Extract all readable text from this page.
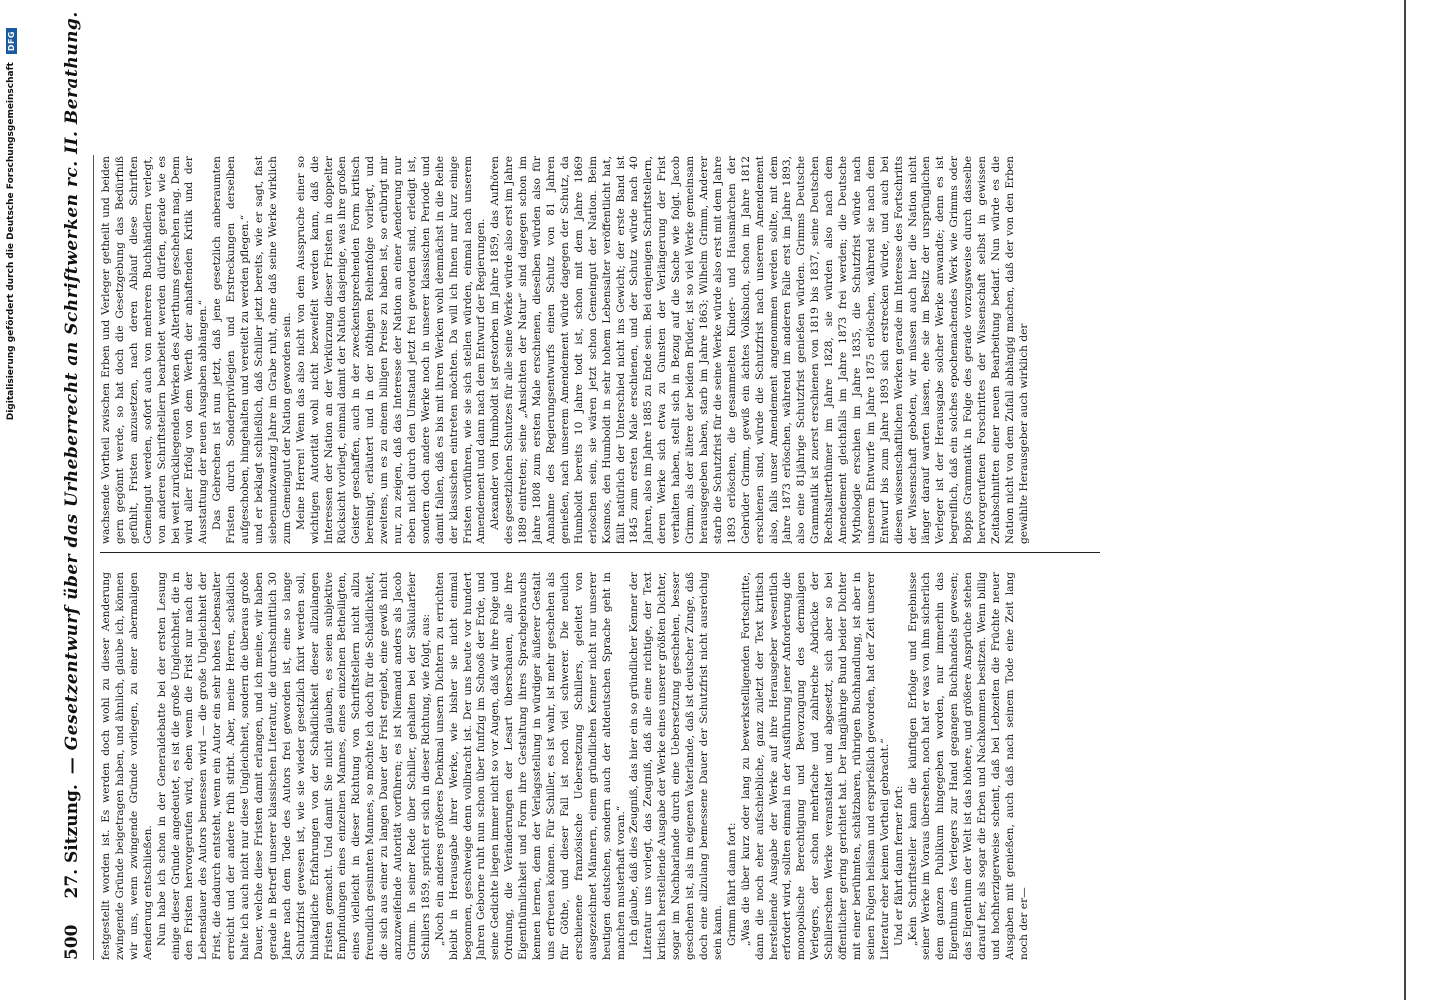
Digitalisierung gefördert durch die Deutsche Forschungsgemeinschaft
DFG
500
27. Sitzung.
— Gesetzentwurf über das Urheberrecht an Schriftwerken rc. II. Berathung. festgestellt worden ist. Es werden doch wohl zu dieser Aenderung zwingende Gründe beigetragen haben, und ähnlich, glaube ich, können wir uns, wenn zwingende Gründe vorliegen, zu einer abermaligen Aenderung entschließen. Nun habe ich schon in der Generaldebatte bei der ersten Lesung einige dieser Gründe angedeutet, es ist die große Ungleichheit, die in den Fristen hervorgerufen wird, eben wenn die Frist nur nach der Lebensdauer des Autors bemessen wird — die große Ungleichheit der Frist, die dadurch entsteht, wenn ein Autor ein sehr hohes Lebensalter erreicht und der andere früh stirbt. Aber, meine Herren, schädlich halte ich auch nicht nur diese Ungleichheit, sondern die überaus große Dauer, welche diese Fristen damit erlangen, und ich meine, wir haben gerade in Betreff unserer klassischen Literatur, die durchschnittlich 30 Jahre nach dem Tode des Autors frei geworden ist, eine so lange Schutzfrist gewesen ist, wie sie wieder gesetzlich fixirt werden soll, hinlängliche Erfahrungen von der Schädlichkeit dieser allzulangen Fristen gemacht. Und damit Sie nicht glauben, es seien subjektive Empfindungen eines einzelnen Mannes, eines einzelnen Betheiligten, eines vielleicht in dieser Richtung von Schriftstellern nicht allzu freundlich gesinnten Mannes, so möchte ich doch für die Schädlichkeit, die sich aus einer zu langen Dauer der Frist ergiebt, eine gewiß nicht anzuzweifelnde Autorität vorführen; es ist Niemand anders als Jacob Grimm. In seiner Rede über Schiller, gehalten bei der Säkularfeier Schillers 1859, spricht er sich in dieser Richtung, wie folgt, aus: „Noch ein anderes größeres Denkmal unsern Dichtern zu errichten bleibt in Herausgabe ihrer Werke, wie bisher sie nicht einmal begonnen, geschweige denn vollbracht ist. Der uns heute vor hundert Jahren Geborne ruht nun schon über funfzig im Schooß der Erde, und seine Gedichte liegen immer nicht so vor Augen, daß wir ihre Folge und Ordnung, die Veränderungen der Lesart überschauen, alle ihre Eigenthümlichkeit und Form ihre Gestaltung ihres Sprachgebrauchs kennen lernen, denn der Verlagsstellung in würdiger äußerer Gestalt uns erfreuen können. Für Schiller, es ist wahr, ist mehr geschehen als für Göthe, und dieser Fall ist noch viel schwerer. Die neulich erschienene französische Uebersetzung Schillers, geleitet von ausgezeichnet Männern, einem gründlichen Kenner nicht nur unserer heutigen deutschen, sondern auch der altdeutschen Sprache geht in manchen musterhaft voran.“ Ich glaube, daß dies Zeugniß, das hier ein so gründlicher Kenner der Literatur uns vorlegt, das Zeugniß, daß alle eine richtige, der Text kritisch herstellende Ausgabe der Werke eines unserer größten Dichter, sogar im Nachbarlande durch eine Uebersetzung geschehen, besser geschehen ist, als im eigenen Vaterlande, daß ist deutscher Zunge, daß doch eine allzulang bemessene Dauer der Schutzfrist nicht ausreichig sein kann. Grimm fährt dann fort: „Was die über kurz oder lang zu bewerkstelligenden Fortschritte, dann die noch eher aufschiebliche, ganz zuletzt der Text kritisch herstellende Ausgabe der Werke auf ihre Herausgeber wesentlich erfordert wird, sollten einmal in der Ausführung jener Anforderung die monopolische Berechtigung und Bevorzugung des dermaligen Verlegers, der schon mehrfache und zahlreiche Abdrücke der Schillerschen Werke veranstaltet und abgesetzt, sich aber so bei öffentlicher gering gerichtet hat. Der langjährige Bund beider Dichter mit einer berühmten, schätzbaren, rührigen Buchhandlung, ist aber in seinen Folgen heilsam und ersprießlich geworden, hat der Zeit unserer Literatur eher keinen Vortheil gebracht.“ Und er fährt dann ferner fort: „Kein Schriftsteller kann die künftigen Erfolge und Ergebnisse seiner Werke im Voraus übersehen, noch hat er was von ihm sicherlich dem ganzen Publikum hingegeben worden, nur immerhin das Eigenthum des Verlegers zur Hand gegangen Buchhandels gewesen; das Eigenthum der Welt ist das höhere, und größere Ansprüche stehen darauf her, als sogar die Erben und Nachkommen besitzen. Wenn billig und hochherzigerweise scheint, daß bei Lebzeiten die Früchte neuer Ausgaben mit genießen, auch daß nach seinem Tode eine Zeit lang noch der er—

wachsende Vortheil zwischen Erben und Verleger getheilt und beiden gern gegönnt werde, so hat doch die Gesetzgebung das Bedürfniß gefühlt, Fristen anzusetzen, nach deren Ablauf diese Schriften Gemeingut werden, sofort auch von mehreren Buchhändlern verlegt, von anderen Schriftstellern bearbeitet werden dürfen, gerade wie es bei weit zurückliegenden Werken des Alterthums geschehen mag. Denn wird aller Erfolg von dem Werth der anhaftenden Kritik und der Ausstattung der neuen Ausgaben abhängen.“ Das Gebrechen ist nun jetzt, daß jene gesetzlich anberaumten Fristen durch Sonderprivilegien und Erstreckungen derselben aufgeschoben, hingehalten und vereitelt zu werden pflegen.“ und er beklagt schließlich, daß Schiller jetzt bereits, wie er sagt, fast siebenundzwanzig Jahre im Grabe ruht, ohne daß seine Werke wirklich zum Gemeingut der Nation geworden sein. Meine Herren! Wenn das also nicht von dem Ausspruche einer so wichtigen Autorität wohl nicht bezweifelt werden kann, daß die Interessen der Nation an der Verkürzung dieser Fristen in doppelter Rücksicht vorliegt, einmal damit der Nation dasjenige, was ihre großen Geister geschaffen, auch in der zweckentsprechenden Form kritisch bereinigt, erläutert und in der nöthigen Reihenfolge vorliegt, und zweitens, um es zu einem billigen Preise zu haben ist, so erübrigt mir nur, zu zeigen, daß das Interesse der Nation an einer Aenderung nur eben nicht durch den Umstand jetzt frei geworden sind, erledigt ist, sondern doch andere Werke noch in unserer klassischen Periode und damit fallen, daß es bis mit ihren Werken wohl demnächst in die Reihe der klassischen eintreten möchten. Da will ich Ihnen nur kurz einige Fristen vorführen, wie sie sich stellen würden, einmal nach unserem Amendement und dann nach dem Entwurf der Regierungen. Alexander von Humboldt ist gestorben im Jahre 1859, das Aufhören des gesetzlichen Schutzes für alle seine Werke würde also erst im Jahre 1889 eintreten; seine „Ansichten der Natur“ sind dagegen schon im Jahre 1808 zum ersten Male erschienen, dieselben würden also für Annahme des Regierungsentwurfs einen Schutz von 81 Jahren genießen, nach unserem Amendement würde dagegen der Schutz, da Humboldt bereits 10 Jahre todt ist, schon mit dem Jahre 1869 erloschen sein, sie wären jetzt schon Gemeingut der Nation. Beim Kosmos, den Humboldt in sehr hohem Lebensalter veröffentlicht hat, fällt natürlich der Unterschied nicht ins Gewicht; der erste Band ist 1845 zum ersten Male erschienen, und der Schutz würde nach 40 Jahren, also im Jahre 1885 zu Ende sein. Bei denjenigen Schriftstellern, deren Werke sich etwa zu Gunsten der Verlängerung der Frist verhalten haben, stellt sich in Bezug auf die Sache wie folgt. Jacob Grimm, als der ältere der beiden Brüder, ist so viel Werke gemeinsam herausgegeben haben, starb im Jahre 1863; Wilhelm Grimm, Anderer starb die Schutzfrist für die seine Werke würde also erst mit dem Jahre 1893 erlöschen, die gesammelten Kinder- und Hausmärchen der Gebrüder Grimm, gewiß ein ächtes Volksbuch, schon im Jahre 1812 erschienen sind, würde die Schutzfrist nach unserem Amendement also, falls unser Amendement angenommen werden sollte, mit dem Jahre 1873 erlöschen, während im anderen Falle erst im Jahre 1893, also eine 81jährige Schutzfrist genießen würden. Grimms Deutsche Grammatik ist zuerst erschienen von 1819 bis 1837, seine Deutschen Rechtsalterthümer im Jahre 1828, sie würden also nach dem Amendement gleichfalls im Jahre 1873 frei werden; die Deutsche Mythologie erschien im Jahre 1835, die Schutzfrist würde nach unserem Entwurfe im Jahre 1875 erlöschen, während sie nach dem Entwurf bis zum Jahre 1893 sich erstrecken würde, und auch bei diesen wissenschaftlichen Werken gerade im Interesse des Fortschritts der Wissenschaft geboten, wir müssen auch hier die Nation nicht länger darauf warten lassen, ehe sie im Besitz der ursprünglichen Verleger ist der Herausgabe solcher Werke anwandte; denn es ist begreiflich, daß ein solches epochemachendes Werk wie Grimms oder Bopps Grammatik in Folge des gerade vorzugsweise durch dasselbe hervorgerufenen Forschrittes der Wissenschaft selbst in gewissen Zeitabschnitten einer neuen Bearbeitung bedarf. Nun würde es die Nation nicht von dem Zufall abhängig machen, daß der von den Erben gewählte Herausgeber auch wirklich der
